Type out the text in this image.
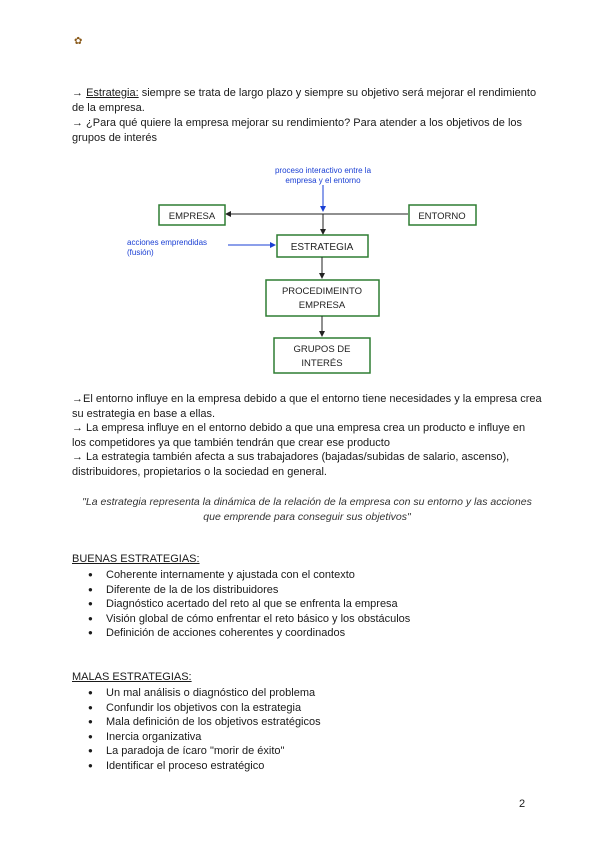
✿
→ Estrategia: siempre se trata de largo plazo y siempre su objetivo será mejorar el rendimiento de la empresa.
→ ¿Para qué quiere la empresa mejorar su rendimiento? Para atender a los objetivos de los grupos de interés
proceso interactivo entre la
empresa y el entorno
EMPRESA	ENTORNO
acciones emprendidas
(fusión)	ESTRATEGIA
PROCEDIMEINTO
EMPRESA
GRUPOS DE
INTERÉS
→El entorno influye en la empresa debido a que el entorno tiene necesidades y la empresa crea su estrategia en base a ellas.
→ La empresa influye en el entorno debido a que una empresa crea un producto e influye en los competidores ya que también tendrán que crear ese producto
→ La estrategia también afecta a sus trabajadores (bajadas/subidas de salario, ascenso), distribuidores, propietarios o la sociedad en general.
"La estrategia representa la dinámica de la relación de la empresa con su entorno y las acciones que emprende para conseguir sus objetivos"
BUENAS ESTRATEGIAS:
● Coherente internamente y ajustada con el contexto
● Diferente de la de los distribuidores
● Diagnóstico acertado del reto al que se enfrenta la empresa
● Visión global de cómo enfrentar el reto básico y los obstáculos
● Definición de acciones coherentes y coordinados
MALAS ESTRATEGIAS:
● Un mal análisis o diagnóstico del problema
● Confundir los objetivos con la estrategia
● Mala definición de los objetivos estratégicos
● Inercia organizativa
● La paradoja de ícaro "morir de éxito"
● Identificar el proceso estratégico
2
